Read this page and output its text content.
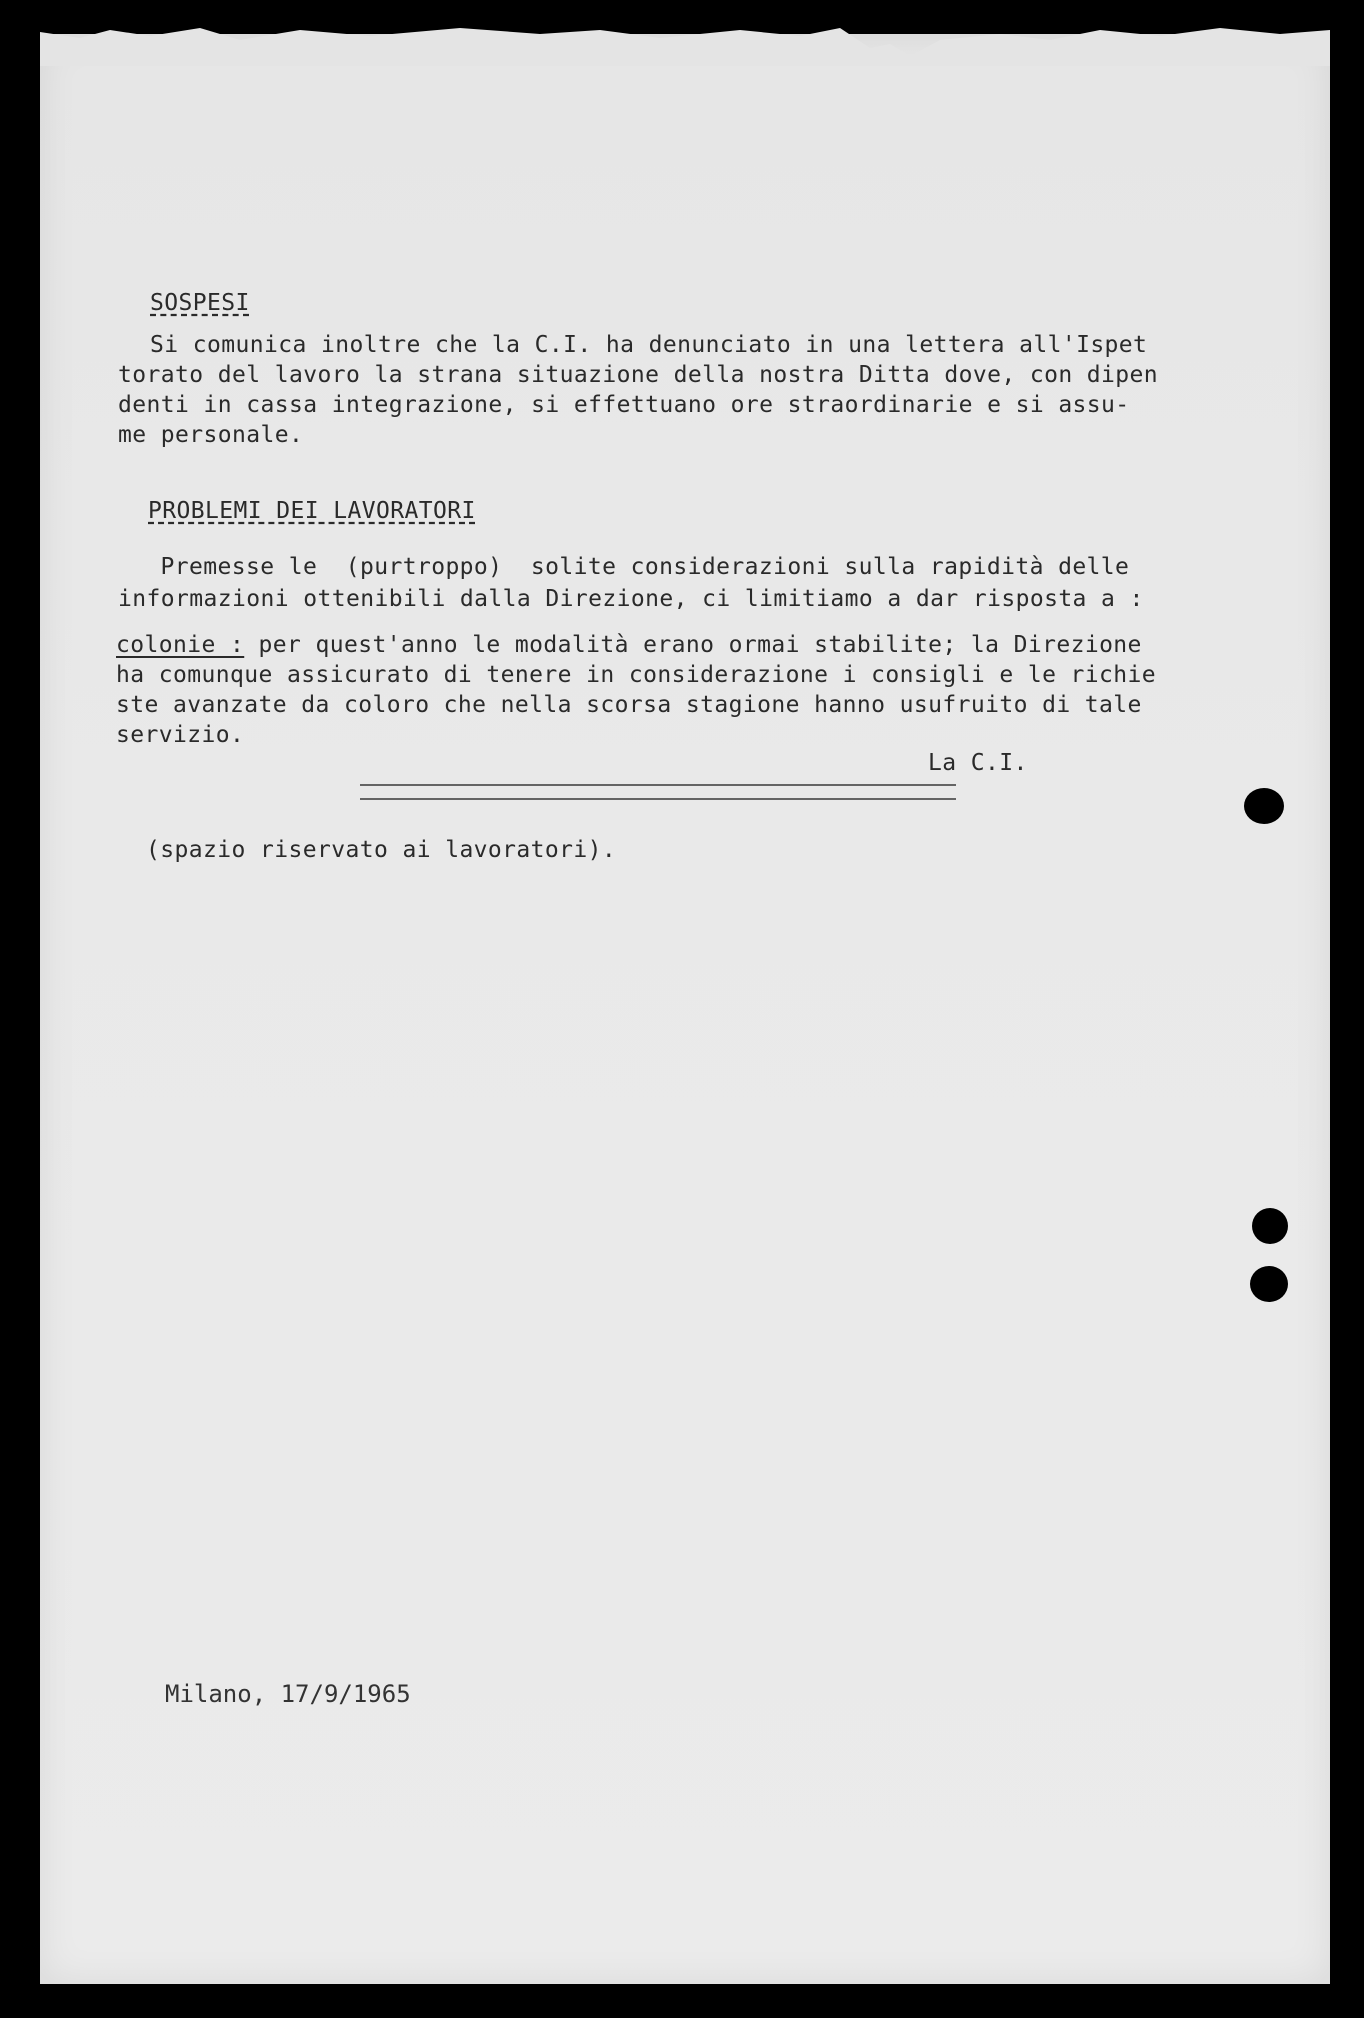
SOSPESI
Si comunica inoltre che la C.I. ha denunciato in una lettera all'Ispet
torato del lavoro la strana situazione della nostra Ditta dove, con dipen
denti in cassa integrazione, si effettuano ore straordinarie e si assu-
me personale.
PROBLEMI DEI LAVORATORI
Premesse le  (purtroppo)  solite considerazioni sulla rapidità delle
informazioni ottenibili dalla Direzione, ci limitiamo a dar risposta a :
colonie : per quest'anno le modalità erano ormai stabilite; la Direzione
ha comunque assicurato di tenere in considerazione i consigli e le richie
ste avanzate da coloro che nella scorsa stagione hanno usufruito di tale
servizio.
La C.I.
(spazio riservato ai lavoratori).
Milano, 17/9/1965
